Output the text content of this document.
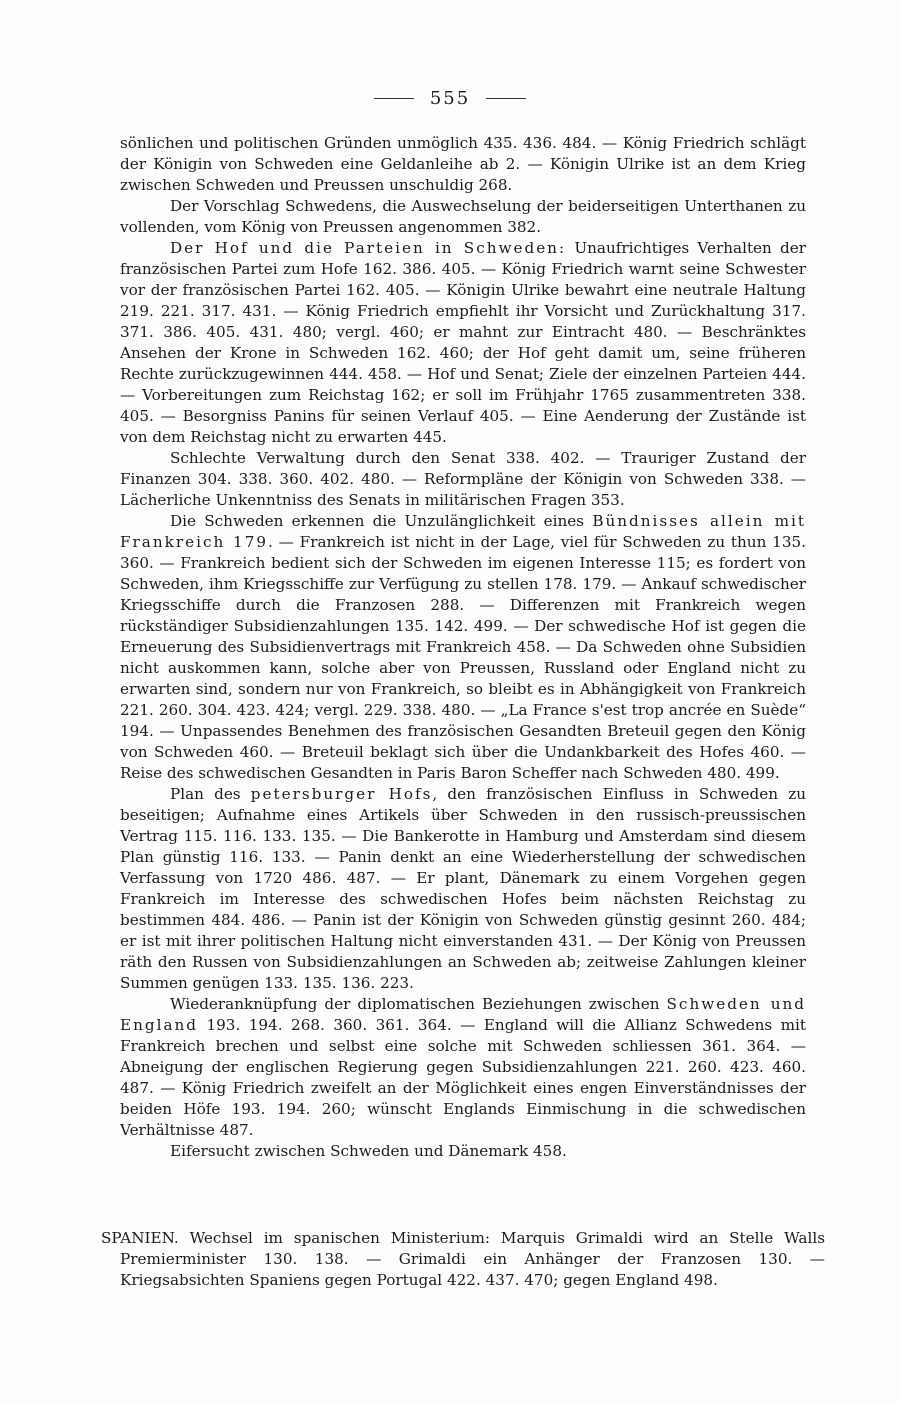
555

sönlichen und politischen Gründen unmöglich 435. 436. 484. — König Friedrich schlägt der Königin von Schweden eine Geldanleihe ab 2. — Königin Ulrike ist an dem Krieg zwischen Schweden und Preussen unschuldig 268.

Der Vorschlag Schwedens, die Auswechselung der beiderseitigen Unterthanen zu vollenden, vom König von Preussen angenommen 382.

Der Hof und die Parteien in Schweden: Unaufrichtiges Verhalten der französischen Partei zum Hofe 162. 386. 405. — König Friedrich warnt seine Schwester vor der französischen Partei 162. 405. — Königin Ulrike bewahrt eine neutrale Haltung 219. 221. 317. 431. — König Friedrich empfiehlt ihr Vorsicht und Zurückhaltung 317. 371. 386. 405. 431. 480; vergl. 460; er mahnt zur Eintracht 480. — Beschränktes Ansehen der Krone in Schweden 162. 460; der Hof geht damit um, seine früheren Rechte zurückzugewinnen 444. 458. — Hof und Senat; Ziele der einzelnen Parteien 444. — Vorbereitungen zum Reichstag 162; er soll im Frühjahr 1765 zusammentreten 338. 405. — Besorgniss Panins für seinen Verlauf 405. — Eine Aenderung der Zustände ist von dem Reichstag nicht zu erwarten 445.

Schlechte Verwaltung durch den Senat 338. 402. — Trauriger Zustand der Finanzen 304. 338. 360. 402. 480. — Reformpläne der Königin von Schweden 338. — Lächerliche Unkenntniss des Senats in militärischen Fragen 353.

Die Schweden erkennen die Unzulänglichkeit eines Bündnisses allein mit Frankreich 179. — Frankreich ist nicht in der Lage, viel für Schweden zu thun 135. 360. — Frankreich bedient sich der Schweden im eigenen Interesse 115; es fordert von Schweden, ihm Kriegsschiffe zur Verfügung zu stellen 178. 179. — Ankauf schwedischer Kriegsschiffe durch die Franzosen 288. — Differenzen mit Frankreich wegen rückständiger Subsidienzahlungen 135. 142. 499. — Der schwedische Hof ist gegen die Erneuerung des Subsidienvertrags mit Frankreich 458. — Da Schweden ohne Subsidien nicht auskommen kann, solche aber von Preussen, Russland oder England nicht zu erwarten sind, sondern nur von Frankreich, so bleibt es in Abhängigkeit von Frankreich 221. 260. 304. 423. 424; vergl. 229. 338. 480. — „La France s'est trop ancrée en Suède“ 194. — Unpassendes Benehmen des französischen Gesandten Breteuil gegen den König von Schweden 460. — Breteuil beklagt sich über die Undankbarkeit des Hofes 460. — Reise des schwedischen Gesandten in Paris Baron Scheffer nach Schweden 480. 499.

Plan des petersburger Hofs, den französischen Einfluss in Schweden zu beseitigen; Aufnahme eines Artikels über Schweden in den russisch-preussischen Vertrag 115. 116. 133. 135. — Die Bankerotte in Hamburg und Amsterdam sind diesem Plan günstig 116. 133. — Panin denkt an eine Wiederherstellung der schwedischen Verfassung von 1720 486. 487. — Er plant, Dänemark zu einem Vorgehen gegen Frankreich im Interesse des schwedischen Hofes beim nächsten Reichstag zu bestimmen 484. 486. — Panin ist der Königin von Schweden günstig gesinnt 260. 484; er ist mit ihrer politischen Haltung nicht einverstanden 431. — Der König von Preussen räth den Russen von Subsidienzahlungen an Schweden ab; zeitweise Zahlungen kleiner Summen genügen 133. 135. 136. 223.

Wiederanknüpfung der diplomatischen Beziehungen zwischen Schweden und England 193. 194. 268. 360. 361. 364. — England will die Allianz Schwedens mit Frankreich brechen und selbst eine solche mit Schweden schliessen 361. 364. — Abneigung der englischen Regierung gegen Subsidienzahlungen 221. 260. 423. 460. 487. — König Friedrich zweifelt an der Möglichkeit eines engen Einverständnisses der beiden Höfe 193. 194. 260; wünscht Englands Einmischung in die schwedischen Verhältnisse 487.

Eifersucht zwischen Schweden und Dänemark 458.

SPANIEN. Wechsel im spanischen Ministerium: Marquis Grimaldi wird an Stelle Walls Premierminister 130. 138. — Grimaldi ein Anhänger der Franzosen 130. — Kriegsabsichten Spaniens gegen Portugal 422. 437. 470; gegen England 498.
